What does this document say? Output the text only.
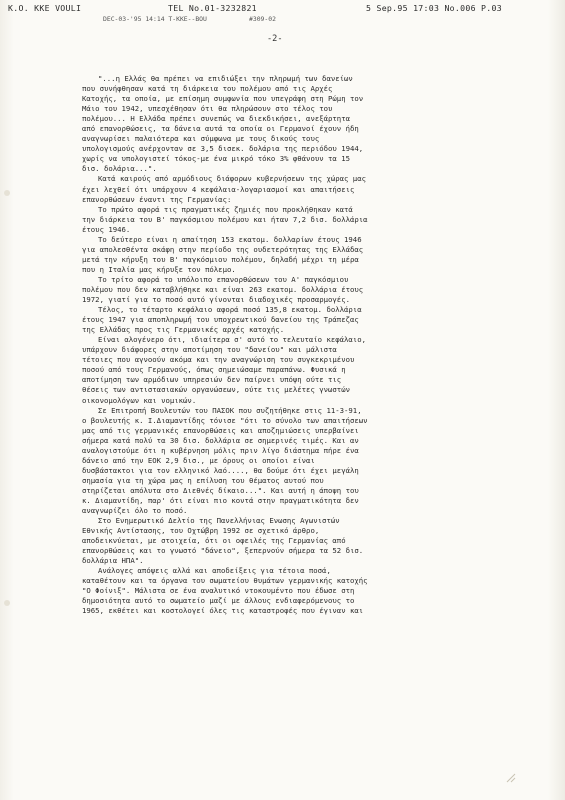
K.O. KKE VOULI	TEL No.01-3232821	5 Sep.95 17:03 No.006 P.03
DEC-03-'95 14:14 T-KKE--BOU	#309-02
-2-
"...η Ελλάς θα πρέπει να επιδιώξει την πληρωμή των δανείων
που συνήφθησαν κατά τη διάρκεια του πολέμου από τις Αρχές
Κατοχής, τα οποία, με επίσημη συμφωνία που υπεγράφη στη Ρώμη τον
Μάιο του 1942, υπεσχέθησαν ότι θα πληρώσουν στο τέλος του
πολέμου... Η Ελλάδα πρέπει συνεπώς να διεκδικήσει, ανεξάρτητα
από επανορθώσεις, τα δάνεια αυτά τα οποία οι Γερμανοί έχουν ήδη
αναγνωρίσει παλαιότερα και σύμφωνα με τους δικούς τους
υπολογισμούς ανέρχονταν σε 3,5 δισεκ. δολάρια της περιόδου 1944,
χωρίς να υπολογιστεί τόκος-με ένα μικρό τόκο 3% φθάνουν τα 15
δισ. δολάρια...".
Κατά καιρούς από αρμόδιους διάφορων κυβερνήσεων της χώρας μας
έχει λεχθεί ότι υπάρχουν 4 κεφάλαια-λογαριασμοί και απαιτήσεις
επανορθώσεων έναντι της Γερμανίας:
Το πρώτο αφορά τις πραγματικές ζημιές που προκλήθηκαν κατά
την διάρκεια του Β' παγκόσμιου πολέμου και ήταν 7,2 δισ. δολλάρια
έτους 1946.
Το δεύτερο είναι η απαίτηση 153 εκατομ. δολλαρίων έτους 1946
για απολεσθέντα σκάφη στην περίοδο της ουδετερότητας της Ελλάδας
μετά την κήρυξη του Β' παγκόσμιου πολέμου, δηλαδή μέχρι τη μέρα
που η Ιταλία μας κήρυξε τον πόλεμο.
Το τρίτο αφορά το υπόλοιπο επανορθώσεων του Α' παγκόσμιου
πολέμου που δεν καταβλήθηκε και είναι 263 εκατομ. δολλάρια έτους
1972, γιατί για το ποσό αυτό γίνονται διαδοχικές προσαρμογές.
Τέλος, το τέταρτο κεφάλαιο αφορά ποσό 135,8 εκατομ. δολλάρια
έτους 1947 για αποπληρωμή του υποχρεωτικού δανείου της Τράπεζας
της Ελλάδας προς τις Γερμανικές αρχές κατοχής.
Είναι αλογένερο ότι, ιδιαίτερα σ' αυτό το τελευταίο κεφάλαιο,
υπάρχουν διάφορες στην αποτίμηση του "δανείου" και μάλιστα
τέτοιες που αγνοούν ακόμα και την αναγνώριση του συγκεκριμένου
ποσού από τους Γερμανούς, όπως σημειώσαμε παραπάνω. Φυσικά η
αποτίμηση των αρμόδιων υπηρεσιών δεν παίρνει υπόψη ούτε τις
θέσεις των αντιστασιακών οργανώσεων, ούτε τις μελέτες γνωστών
οικονομολόγων και νομικών.
Σε Επιτροπή Βουλευτών του ΠΑΣΟΚ που συζητήθηκε στις 11-3-91,
ο βουλευτής κ. Ι.Διαμαντίδης τόνισε "ότι το σύνολο των απαιτήσεων
μας από τις γερμανικές επανορθώσεις και αποζημιώσεις υπερβαίνει
σήμερα κατά πολύ τα 30 δισ. δολλάρια σε σημερινές τιμές. Και αν
αναλογιστούμε ότι η κυβέρνηση μόλις πριν λίγο διάστημα πήρε ένα
δάνειο από την ΕΟΚ 2,9 δισ., με όρους οι οποίοι είναι
δυσβάστακτοι για τον ελληνικό λαό...., θα δούμε ότι έχει μεγάλη
σημασία για τη χώρα μας η επίλυση του θέματος αυτού που
στηρίζεται απόλυτα στο Διεθνές δίκαιο...". Και αυτή η άποψη του
κ. Διαμαντίδη, παρ' ότι είναι πιο κοντά στην πραγματικότητα δεν
αναγνωρίζει όλο το ποσό.
Στο Ενημερωτικό Δελτίο της Πανελλήνιας Ενωσης Αγωνιστών
Εθνικής Αντίστασης, του Οχτώβρη 1992 σε σχετικό άρθρο,
αποδεικνύεται, με στοιχεία, ότι οι οφειλές της Γερμανίας από
επανορθώσεις και το γνωστό "δάνειο", ξεπερνούν σήμερα τα 52 δισ.
δολλάρια ΗΠΑ".
Ανάλογες απόψεις αλλά και αποδείξεις για τέτοια ποσά,
καταθέτουν και τα όργανα του σωματείου θυμάτων γερμανικής κατοχής
"Ο Φοίνιξ". Μάλιστα σε ένα αναλυτικό ντοκουμέντο που έδωσε στη
δημοσιότητα αυτό το σωματείο μαζί με άλλους ενδιαφερόμενους το
1965, εκθέτει και κοστολογεί όλες τις καταστροφές που έγιναν και
